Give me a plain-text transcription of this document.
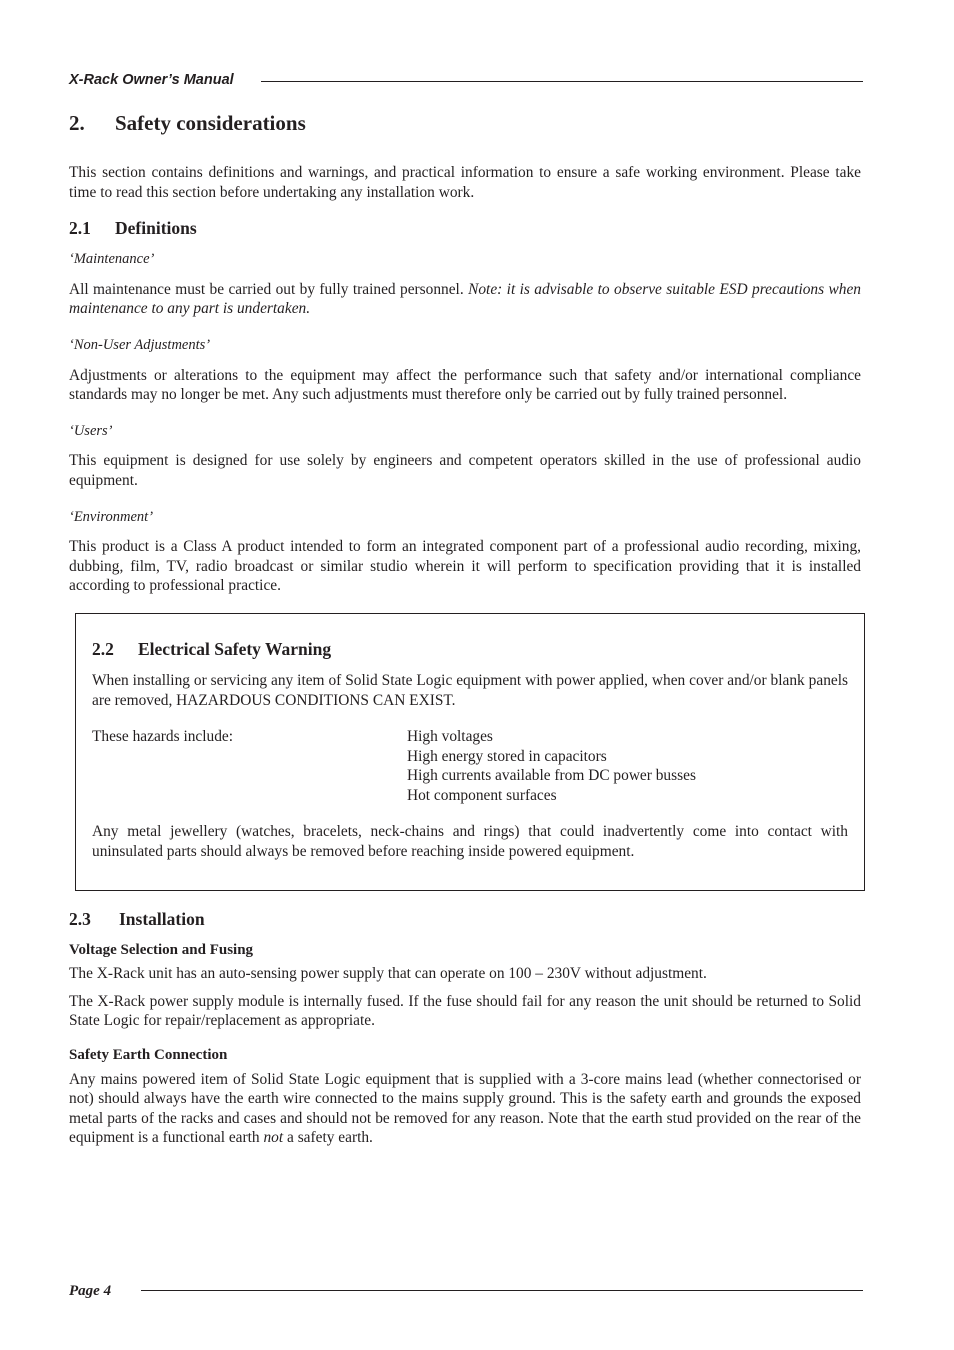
X-Rack Owner’s Manual
2. Safety considerations

This section contains definitions and warnings, and practical information to ensure a safe working environment. Please take time to read this section before undertaking any installation work.

2.1 Definitions

‘Maintenance’

All maintenance must be carried out by fully trained personnel. Note: it is advisable to observe suitable ESD precautions when maintenance to any part is undertaken.

‘Non-User Adjustments’

Adjustments or alterations to the equipment may affect the performance such that safety and/or international compliance standards may no longer be met. Any such adjustments must therefore only be carried out by fully trained personnel.

‘Users’

This equipment is designed for use solely by engineers and competent operators skilled in the use of professional audio equipment.

‘Environment’

This product is a Class A product intended to form an integrated component part of a professional audio recording, mixing, dubbing, film, TV, radio broadcast or similar studio wherein it will perform to specification providing that it is installed according to professional practice.

2.2 Electrical Safety Warning

When installing or servicing any item of Solid State Logic equipment with power applied, when cover and/or blank panels are removed, HAZARDOUS CONDITIONS CAN EXIST.

These hazards include:	High voltages
High energy stored in capacitors
High currents available from DC power busses
Hot component surfaces

Any metal jewellery (watches, bracelets, neck-chains and rings) that could inadvertently come into contact with uninsulated parts should always be removed before reaching inside powered equipment.

2.3 Installation
Voltage Selection and Fusing

The X-Rack unit has an auto-sensing power supply that can operate on 100 – 230V without adjustment.

The X-Rack power supply module is internally fused. If the fuse should fail for any reason the unit should be returned to Solid State Logic for repair/replacement as appropriate.

Safety Earth Connection

Any mains powered item of Solid State Logic equipment that is supplied with a 3-core mains lead (whether connectorised or not) should always have the earth wire connected to the mains supply ground. This is the safety earth and grounds the exposed metal parts of the racks and cases and should not be removed for any reason. Note that the earth stud provided on the rear of the equipment is a functional earth not a safety earth.

Page 4
